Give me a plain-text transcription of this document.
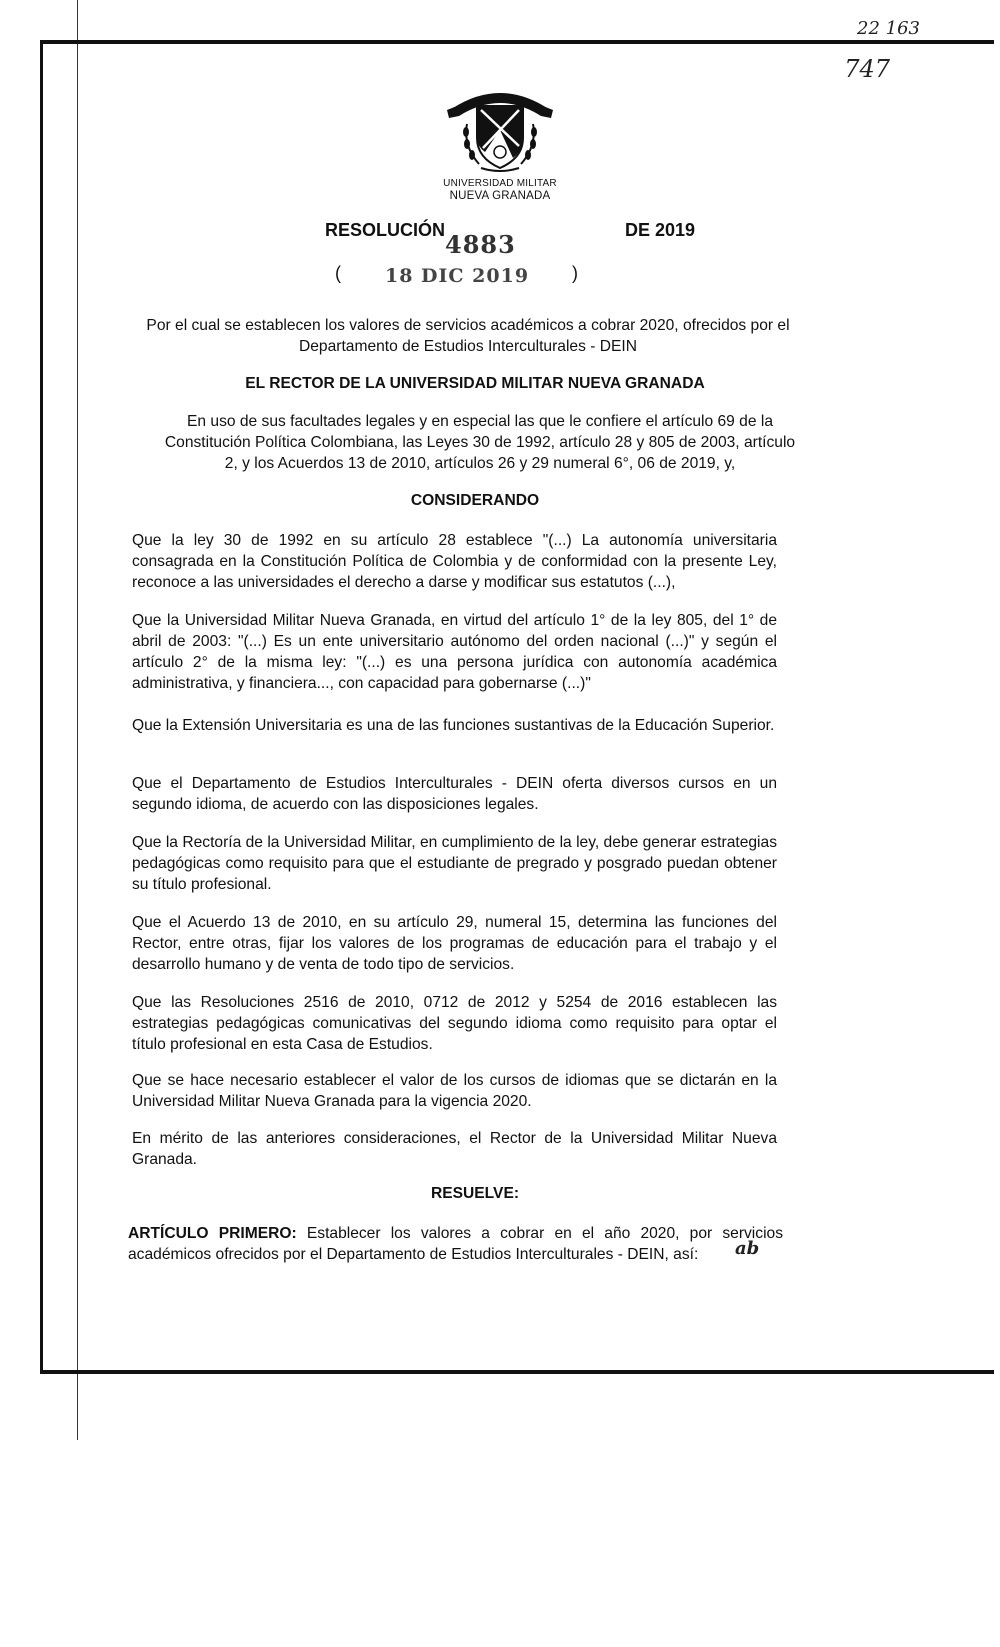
22 163
747
UNIVERSIDAD MILITAR
NUEVA GRANADA
RESOLUCIÓN	DE 2019
4883
( 18 DIC 2019 )
Por el cual se establecen los valores de servicios académicos a cobrar 2020, ofrecidos por el Departamento de Estudios Interculturales - DEIN
EL RECTOR DE LA UNIVERSIDAD MILITAR NUEVA GRANADA
En uso de sus facultades legales y en especial las que le confiere el artículo 69 de la Constitución Política Colombiana, las Leyes 30 de 1992, artículo 28 y 805 de 2003, artículo 2, y los Acuerdos 13 de 2010, artículos 26 y 29 numeral 6°, 06 de 2019, y,
CONSIDERANDO
Que la ley 30 de 1992 en su artículo 28 establece "(...) La autonomía universitaria consagrada en la Constitución Política de Colombia y de conformidad con la presente Ley, reconoce a las universidades el derecho a darse y modificar sus estatutos (...),
Que la Universidad Militar Nueva Granada, en virtud del artículo 1° de la ley 805, del 1° de abril de 2003: "(...) Es un ente universitario autónomo del orden nacional (...)" y según el artículo 2° de la misma ley: "(...) es una persona jurídica con autonomía académica administrativa, y financiera..., con capacidad para gobernarse (...)"
Que la Extensión Universitaria es una de las funciones sustantivas de la Educación Superior.
Que el Departamento de Estudios Interculturales - DEIN oferta diversos cursos en un segundo idioma, de acuerdo con las disposiciones legales.
Que la Rectoría de la Universidad Militar, en cumplimiento de la ley, debe generar estrategias pedagógicas como requisito para que el estudiante de pregrado y posgrado puedan obtener su título profesional.
Que el Acuerdo 13 de 2010, en su artículo 29, numeral 15, determina las funciones del Rector, entre otras, fijar los valores de los programas de educación para el trabajo y el desarrollo humano y de venta de todo tipo de servicios.
Que las Resoluciones 2516 de 2010, 0712 de 2012 y 5254 de 2016 establecen las estrategias pedagógicas comunicativas del segundo idioma como requisito para optar el título profesional en esta Casa de Estudios.
Que se hace necesario establecer el valor de los cursos de idiomas que se dictarán en la Universidad Militar Nueva Granada para la vigencia 2020.
En mérito de las anteriores consideraciones, el Rector de la Universidad Militar Nueva Granada.
RESUELVE:
ARTÍCULO PRIMERO: Establecer los valores a cobrar en el año 2020, por servicios académicos ofrecidos por el Departamento de Estudios Interculturales - DEIN, así:	ab
